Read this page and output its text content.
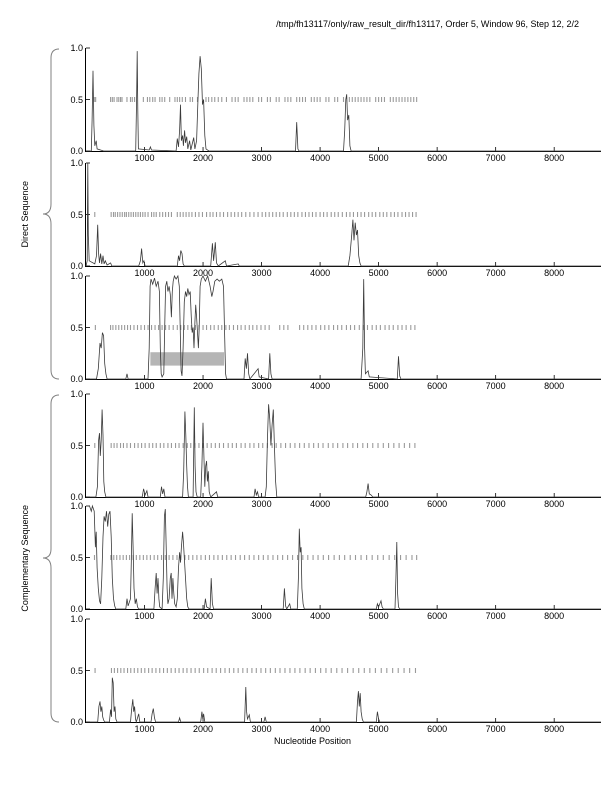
/tmp/fh13117/only/raw_result_dir/fh13117, Order 5, Window 96, Step 12, 2/2
Direct Sequence
Complementary Sequence
1.0
0.5
0.0
1000	2000	3000	4000	5000	6000	7000	8000
1.0
0.5
0.0
1000	2000	3000	4000	5000	6000	7000	8000
1.0
0.5
0.0
1000	2000	3000	4000	5000	6000	7000	8000
1.0
0.5
0.0
1000	2000	3000	4000	5000	6000	7000	8000
1.0
0.5
0.0
1000	2000	3000	4000	5000	6000	7000	8000
1.0
0.5
0.0
1000	2000	3000	4000	5000	6000	7000	8000
Nucleotide Position
